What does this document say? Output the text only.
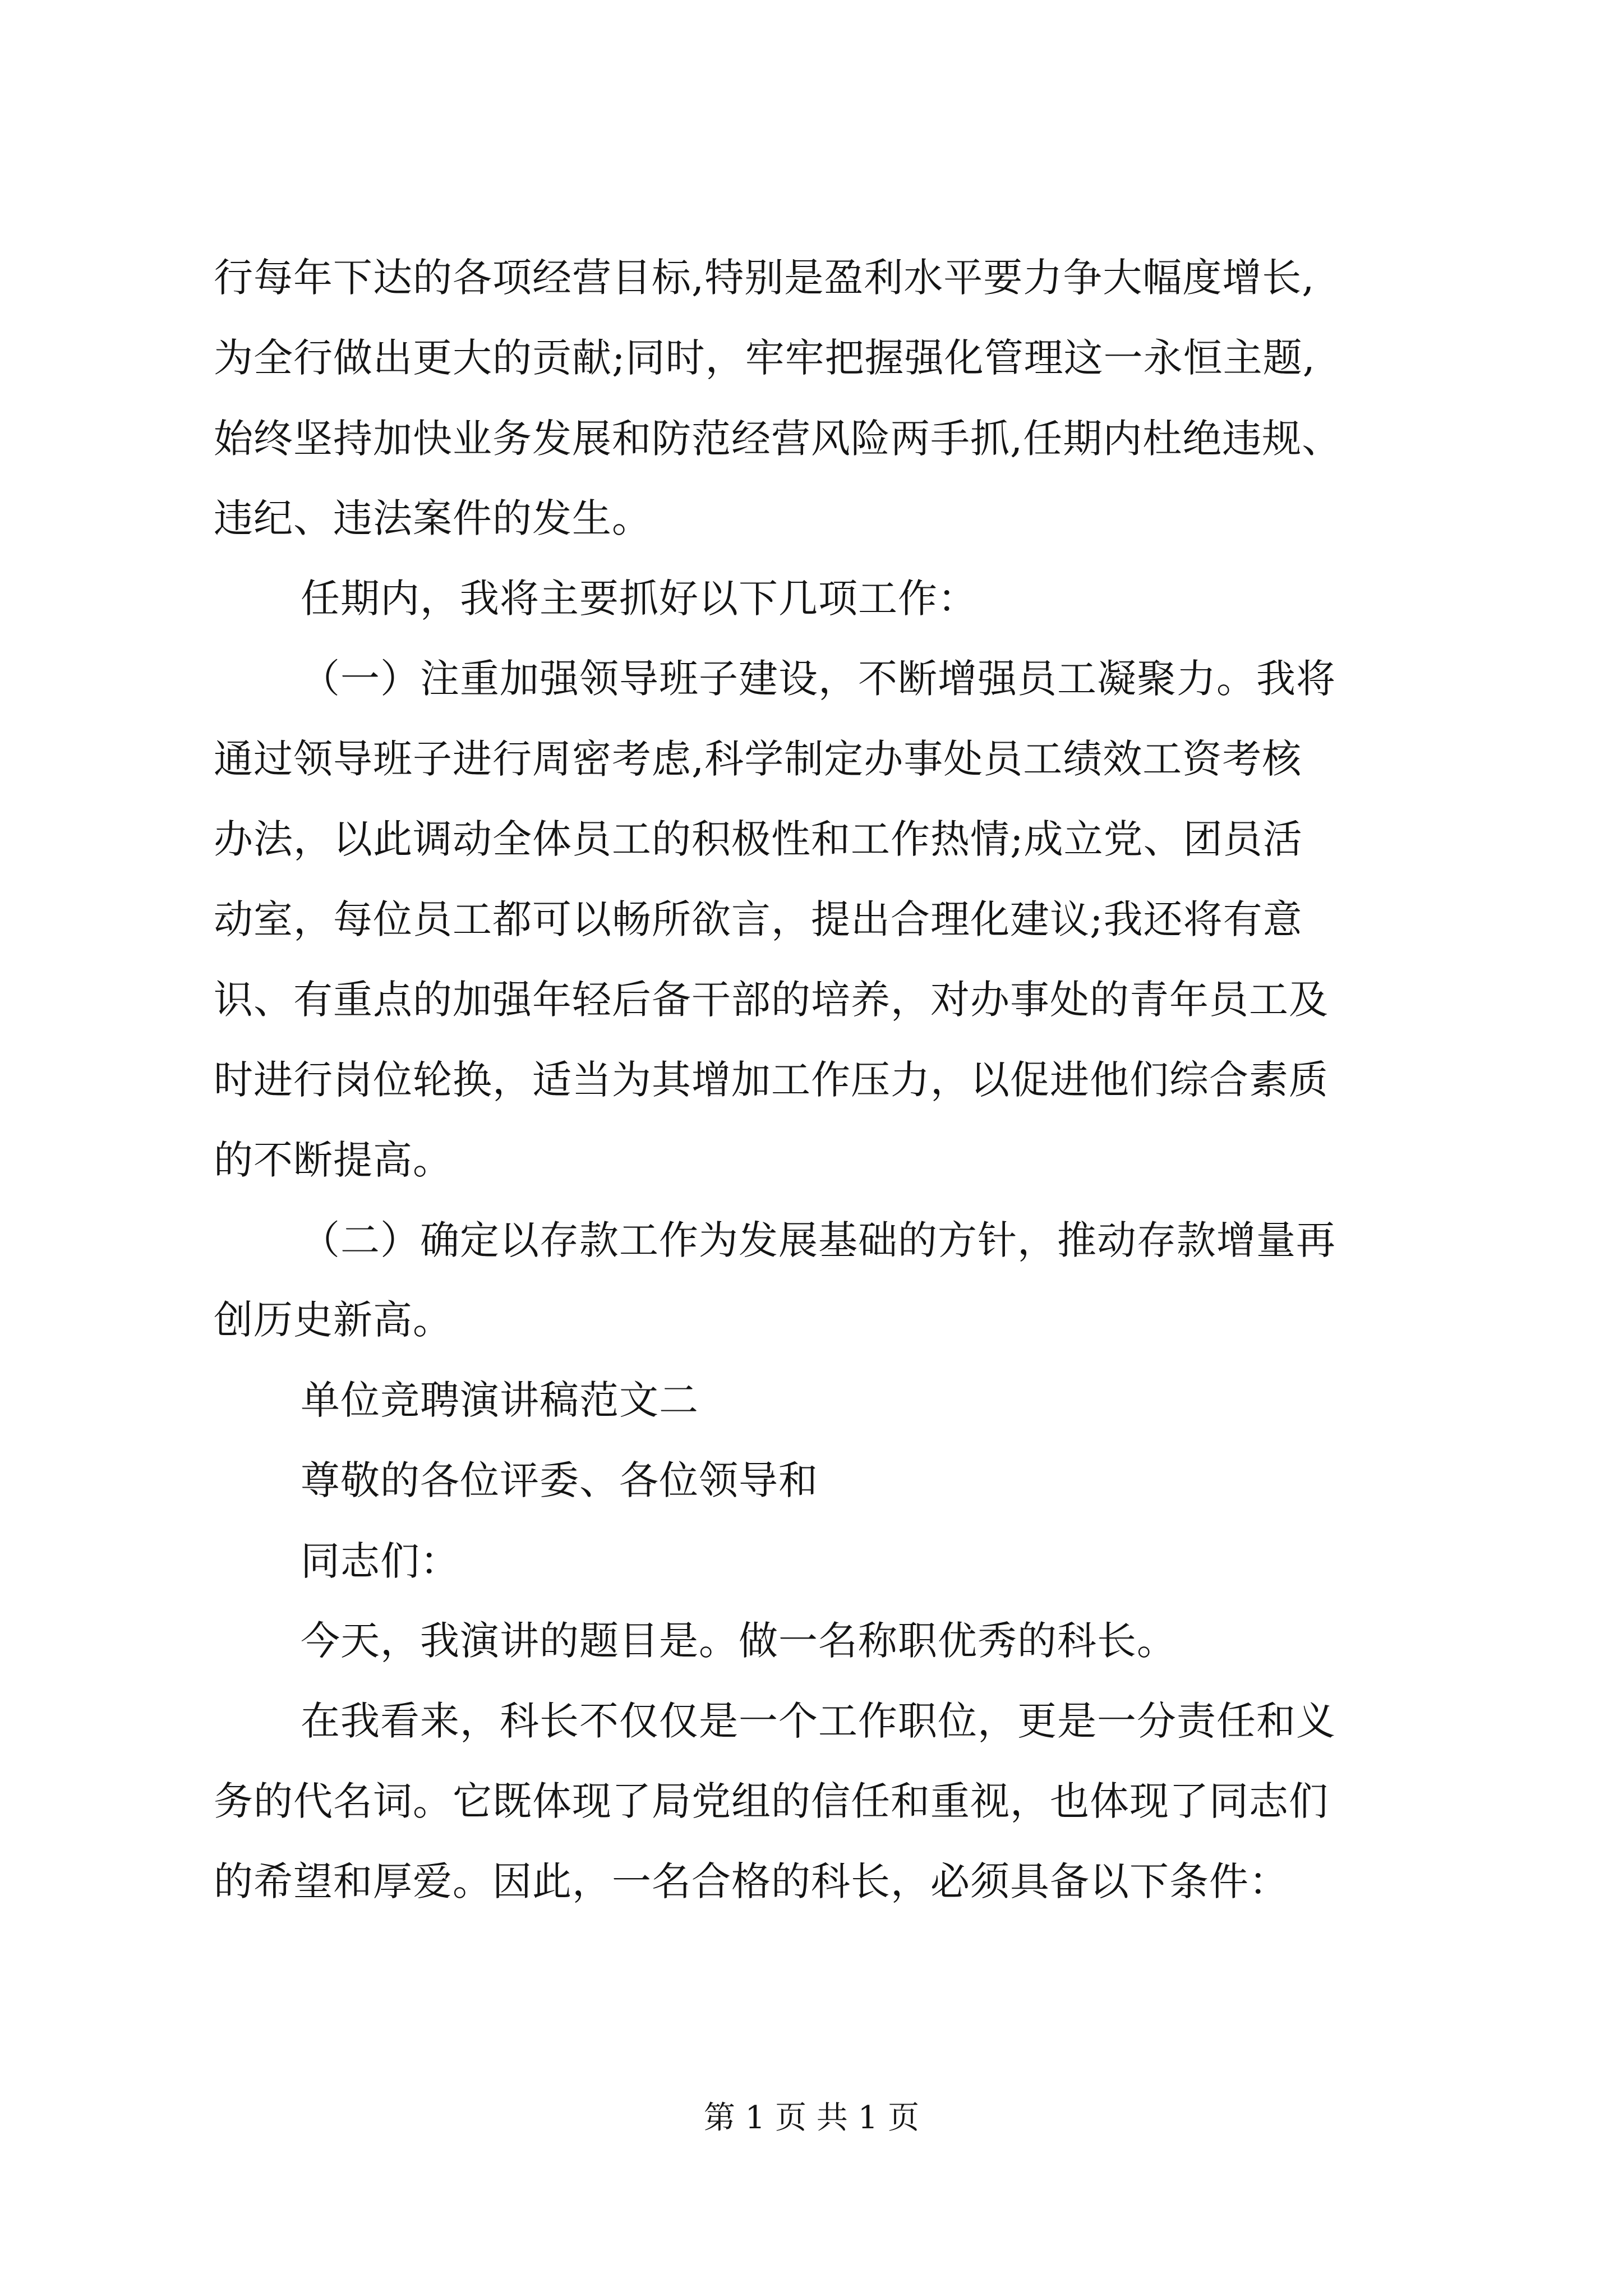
行每年下达的各项经营目标,特别是盈利水平要力争大幅度增长,
为全行做出更大的贡献;同时，牢牢把握强化管理这一永恒主题,
始终坚持加快业务发展和防范经营风险两手抓,任期内杜绝违规、
违纪、违法案件的发生。
任期内，我将主要抓好以下几项工作：
（一）注重加强领导班子建设，不断增强员工凝聚力。我将
通过领导班子进行周密考虑,科学制定办事处员工绩效工资考核
办法，以此调动全体员工的积极性和工作热情;成立党、团员活
动室，每位员工都可以畅所欲言，提出合理化建议;我还将有意
识、有重点的加强年轻后备干部的培养，对办事处的青年员工及
时进行岗位轮换，适当为其增加工作压力，以促进他们综合素质
的不断提高。
（二）确定以存款工作为发展基础的方针，推动存款增量再
创历史新高。
单位竞聘演讲稿范文二
尊敬的各位评委、各位领导和
同志们：
今天，我演讲的题目是。做一名称职优秀的科长。
在我看来，科长不仅仅是一个工作职位，更是一分责任和义
务的代名词。它既体现了局党组的信任和重视，也体现了同志们
的希望和厚爱。因此，一名合格的科长，必须具备以下条件：
第 1 页 共 1 页
